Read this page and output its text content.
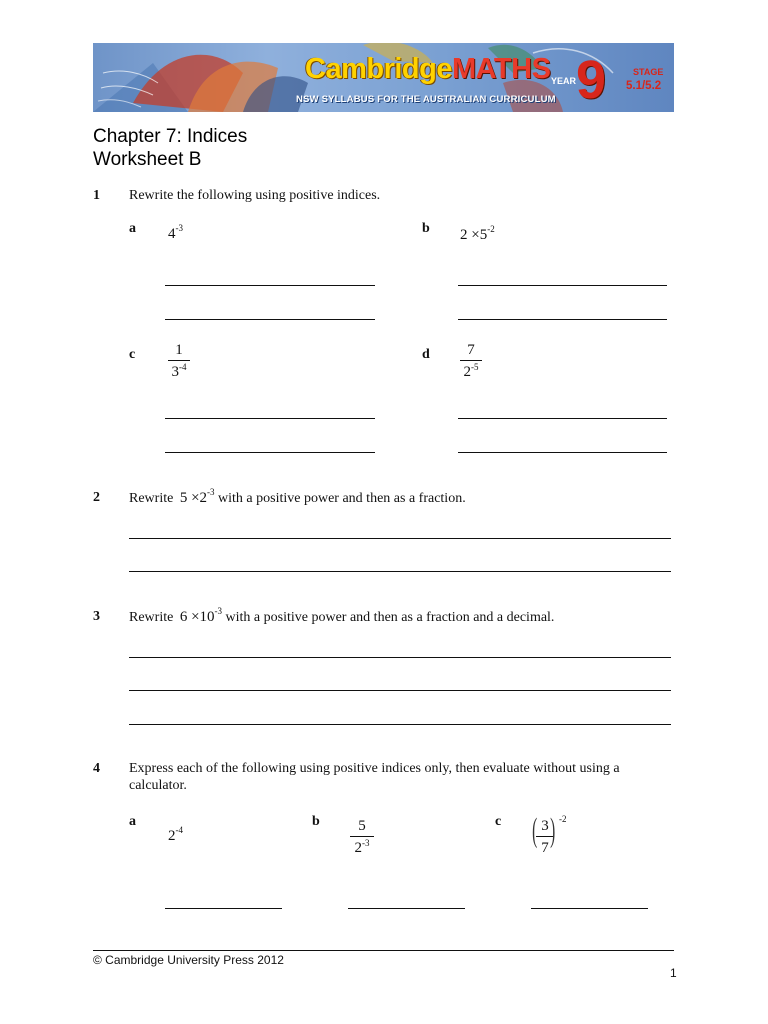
CambridgeMATHS
NSW SYLLABUS FOR THE AUSTRALIAN CURRICULUM
YEAR 9	STAGE
5.1/5.2
Chapter 7: Indices
Worksheet B
1 Rewrite the following using positive indices.
a $4^{-3}$	b $2 \times 5^{-2}$
c	1
$3^{-4}$
d	7
$2^{-5}$
2 Rewrite $5 \times 2^{-3}$ with a positive power and then as a fraction.
3 Rewrite $6 \times 10^{-3}$ with a positive power and then as a fraction and a decimal.
4 Express each of the following using positive indices only, then evaluate without using a
calculator.
a
$2^{-4}$
b	5
$2^{-3}$
c ( 3
7 ) -2
© Cambridge University Press 2012
1
